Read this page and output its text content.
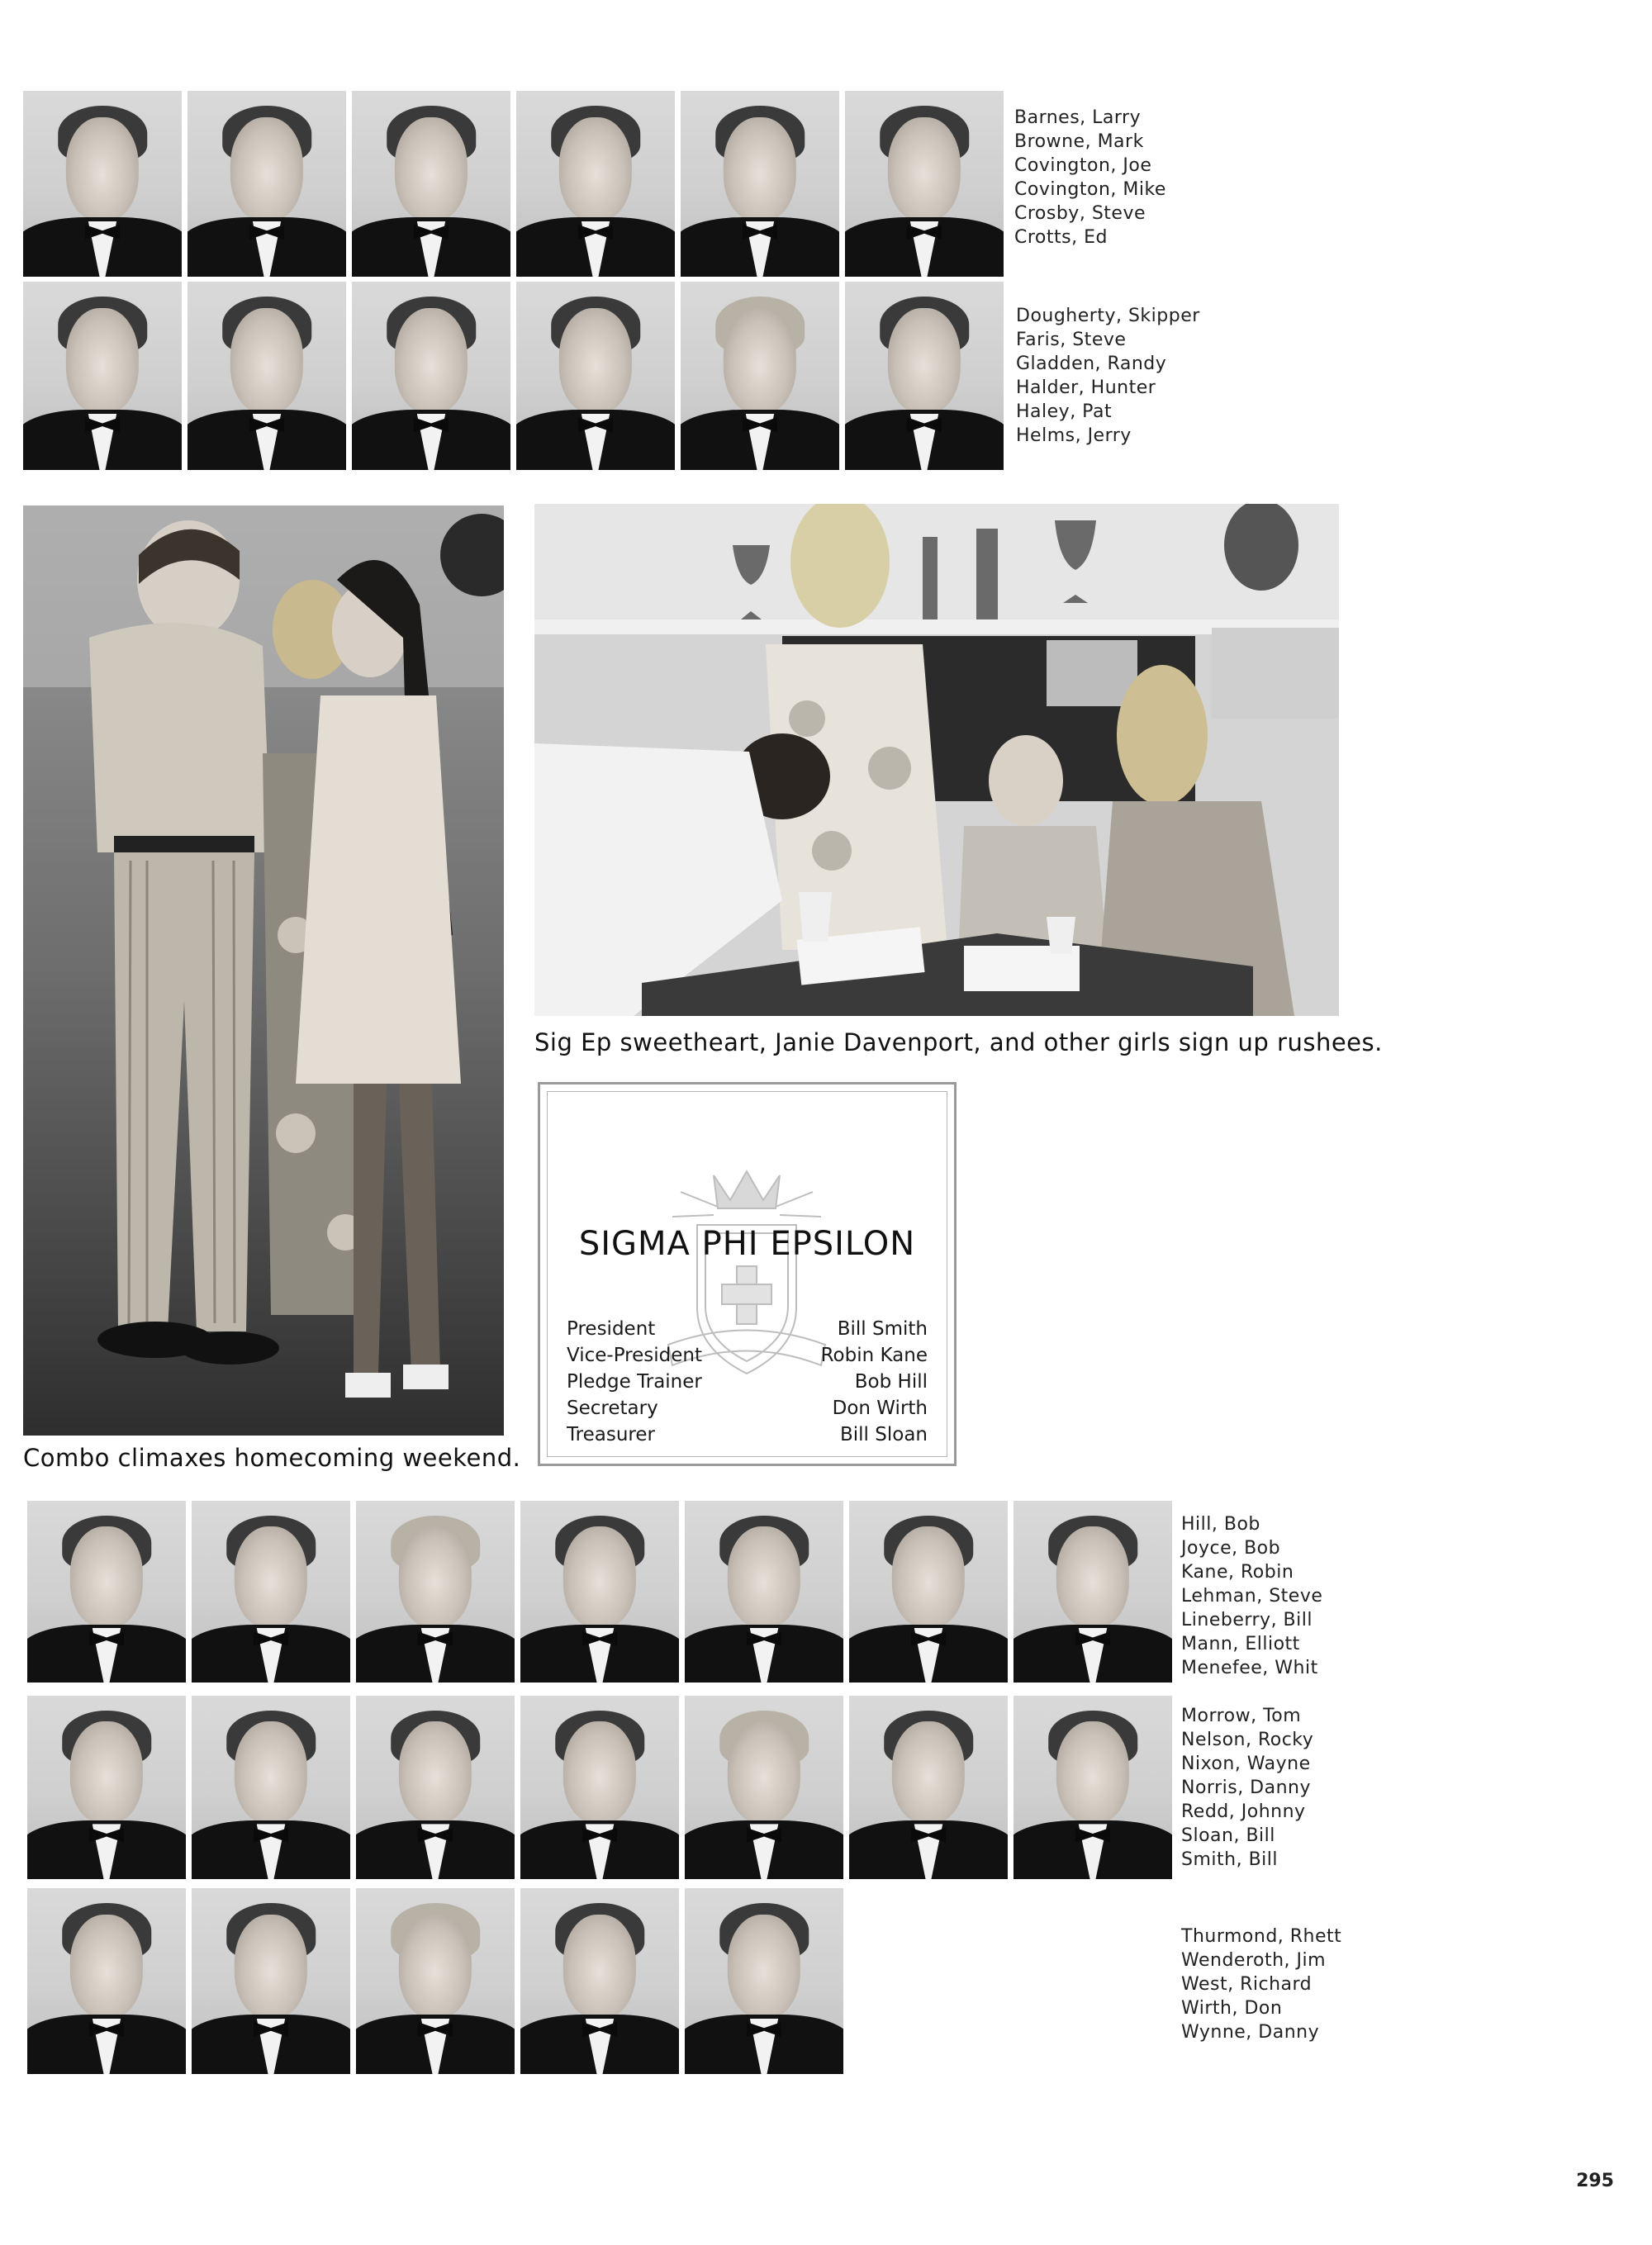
Barnes, Larry
Browne, Mark
Covington, Joe
Covington, Mike
Crosby, Steve
Crotts, Ed
Dougherty, Skipper
Faris, Steve
Gladden, Randy
Halder, Hunter
Haley, Pat
Helms, Jerry
Combo climaxes homecoming weekend.
Sig Ep sweetheart, Janie Davenport, and other girls sign up rushees.
SIGMA PHI EPSILON
President	Bill Smith
Vice-President	Robin Kane
Pledge Trainer	Bob Hill
Secretary	Don Wirth
Treasurer	Bill Sloan
Hill, Bob
Joyce, Bob
Kane, Robin
Lehman, Steve
Lineberry, Bill
Mann, Elliott
Menefee, Whit
Morrow, Tom
Nelson, Rocky
Nixon, Wayne
Norris, Danny
Redd, Johnny
Sloan, Bill
Smith, Bill
Thurmond, Rhett
Wenderoth, Jim
West, Richard
Wirth, Don
Wynne, Danny
295
